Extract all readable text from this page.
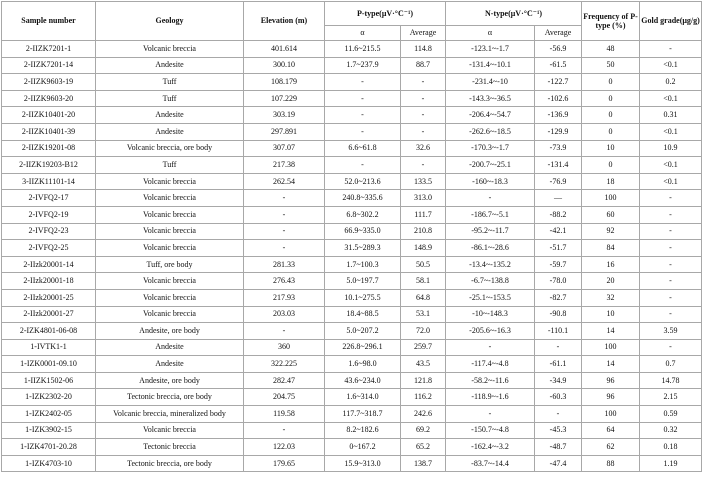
Sample number	Geology	Elevation (m)	P-type(μV·°C⁻¹)		N-type(μV·°C⁻¹)		Frequency of P-type (%)	Gold grade(μg/g)
			α	Average	α	Average		
2-IIZK7201-1	Volcanic breccia	401.614	11.6~215.5	114.8	-123.1~-1.7	-56.9	48	-
2-IIZK7201-14	Andesite	300.10	1.7~237.9	88.7	-131.4~-10.1	-61.5	50	<0.1
2-IIZK9603-19	Tuff	108.179	-	-	-231.4~-10	-122.7	0	0.2
2-IIZK9603-20	Tuff	107.229	-	-	-143.3~-36.5	-102.6	0	<0.1
2-IIZK10401-20	Andesite	303.19	-	-	-206.4~-54.7	-136.9	0	0.31
2-IIZK10401-39	Andesite	297.891	-	-	-262.6~-18.5	-129.9	0	<0.1
2-IIZK19201-08	Volcanic breccia, ore body	307.07	6.6~61.8	32.6	-170.3~-1.7	-73.9	10	10.9
2-IIZK19203-B12	Tuff	217.38	-	-	-200.7~-25.1	-131.4	0	<0.1
3-IIZK11101-14	Volcanic breccia	262.54	52.0~213.6	133.5	-160~-18.3	-76.9	18	<0.1
2-IVFQ2-17	Volcanic breccia	-	240.8~335.6	313.0	-	—	100	-
2-IVFQ2-19	Volcanic breccia	-	6.8~302.2	111.7	-186.7~-5.1	-88.2	60	-
2-IVFQ2-23	Volcanic breccia	-	66.9~335.0	210.8	-95.2~-11.7	-42.1	92	-
2-IVFQ2-25	Volcanic breccia	-	31.5~289.3	148.9	-86.1~-28.6	-51.7	84	-
2-IIzk20001-14	Tuff, ore body	281.33	1.7~100.3	50.5	-13.4~-135.2	-59.7	16	-
2-IIzk20001-18	Volcanic breccia	276.43	5.0~197.7	58.1	-6.7~-138.8	-78.0	20	-
2-IIzk20001-25	Volcanic breccia	217.93	10.1~275.5	64.8	-25.1~-153.5	-82.7	32	-
2-IIzk20001-27	Volcanic breccia	203.03	18.4~88.5	53.1	-10~-148.3	-90.8	10	-
2-IZK4801-06-08	Andesite, ore body	-	5.0~207.2	72.0	-205.6~-16.3	-110.1	14	3.59
1-IVTK1-1	Andesite	360	226.8~296.1	259.7	-	-	100	-
1-IZK0001-09.10	Andesite	322.225	1.6~98.0	43.5	-117.4~-4.8	-61.1	14	0.7
1-IIZK1502-06	Andesite, ore body	282.47	43.6~234.0	121.8	-58.2~-11.6	-34.9	96	14.78
1-IZK2302-20	Tectonic breccia, ore body	204.75	1.6~314.0	116.2	-118.9~-1.6	-60.3	96	2.15
1-IZK2402-05	Volcanic breccia, mineralized body	119.58	117.7~318.7	242.6	-	-	100	0.59
1-IZK3902-15	Volcanic breccia	-	8.2~182.6	69.2	-150.7~-4.8	-45.3	64	0.32
1-IZK4701-20.28	Tectonic breccia	122.03	0~167.2	65.2	-162.4~-3.2	-48.7	62	0.18
1-IZK4703-10	Tectonic breccia, ore body	179.65	15.9~313.0	138.7	-83.7~-14.4	-47.4	88	1.19
